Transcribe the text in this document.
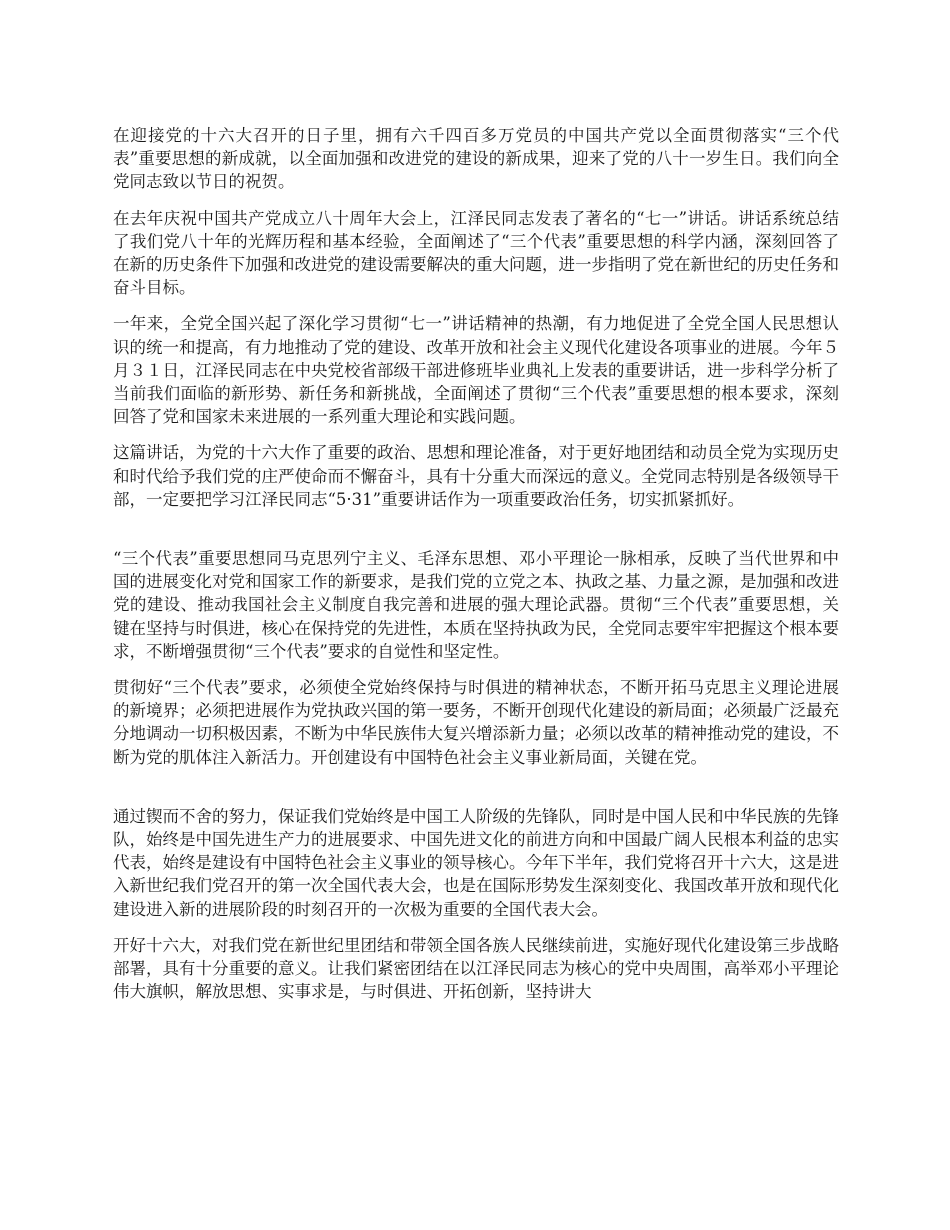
在迎接党的十六大召开的日子里，拥有六千四百多万党员的中国共产党以全面贯彻落实“三个代表”重要思想的新成就，以全面加强和改进党的建设的新成果，迎来了党的八十一岁生日。我们向全党同志致以节日的祝贺。

在去年庆祝中国共产党成立八十周年大会上，江泽民同志发表了著名的“七一”讲话。讲话系统总结了我们党八十年的光辉历程和基本经验，全面阐述了“三个代表”重要思想的科学内涵，深刻回答了在新的历史条件下加强和改进党的建设需要解决的重大问题，进一步指明了党在新世纪的历史任务和奋斗目标。

一年来，全党全国兴起了深化学习贯彻“七一”讲话精神的热潮，有力地促进了全党全国人民思想认识的统一和提高，有力地推动了党的建设、改革开放和社会主义现代化建设各项事业的进展。今年５月３１日，江泽民同志在中央党校省部级干部进修班毕业典礼上发表的重要讲话，进一步科学分析了当前我们面临的新形势、新任务和新挑战，全面阐述了贯彻“三个代表”重要思想的根本要求，深刻回答了党和国家未来进展的一系列重大理论和实践问题。

这篇讲话，为党的十六大作了重要的政治、思想和理论准备，对于更好地团结和动员全党为实现历史和时代给予我们党的庄严使命而不懈奋斗，具有十分重大而深远的意义。全党同志特别是各级领导干部，一定要把学习江泽民同志“5·31”重要讲话作为一项重要政治任务，切实抓紧抓好。

“三个代表”重要思想同马克思列宁主义、毛泽东思想、邓小平理论一脉相承，反映了当代世界和中国的进展变化对党和国家工作的新要求，是我们党的立党之本、执政之基、力量之源，是加强和改进党的建设、推动我国社会主义制度自我完善和进展的强大理论武器。贯彻“三个代表”重要思想，关键在坚持与时俱进，核心在保持党的先进性，本质在坚持执政为民，全党同志要牢牢把握这个根本要求，不断增强贯彻“三个代表”要求的自觉性和坚定性。

贯彻好“三个代表”要求，必须使全党始终保持与时俱进的精神状态，不断开拓马克思主义理论进展的新境界；必须把进展作为党执政兴国的第一要务，不断开创现代化建设的新局面；必须最广泛最充分地调动一切积极因素，不断为中华民族伟大复兴增添新力量；必须以改革的精神推动党的建设，不断为党的肌体注入新活力。开创建设有中国特色社会主义事业新局面，关键在党。

通过锲而不舍的努力，保证我们党始终是中国工人阶级的先锋队，同时是中国人民和中华民族的先锋队，始终是中国先进生产力的进展要求、中国先进文化的前进方向和中国最广阔人民根本利益的忠实代表，始终是建设有中国特色社会主义事业的领导核心。今年下半年，我们党将召开十六大，这是进入新世纪我们党召开的第一次全国代表大会，也是在国际形势发生深刻变化、我国改革开放和现代化建设进入新的进展阶段的时刻召开的一次极为重要的全国代表大会。

开好十六大，对我们党在新世纪里团结和带领全国各族人民继续前进，实施好现代化建设第三步战略部署，具有十分重要的意义。让我们紧密团结在以江泽民同志为核心的党中央周围，高举邓小平理论伟大旗帜，解放思想、实事求是，与时俱进、开拓创新，坚持讲大
